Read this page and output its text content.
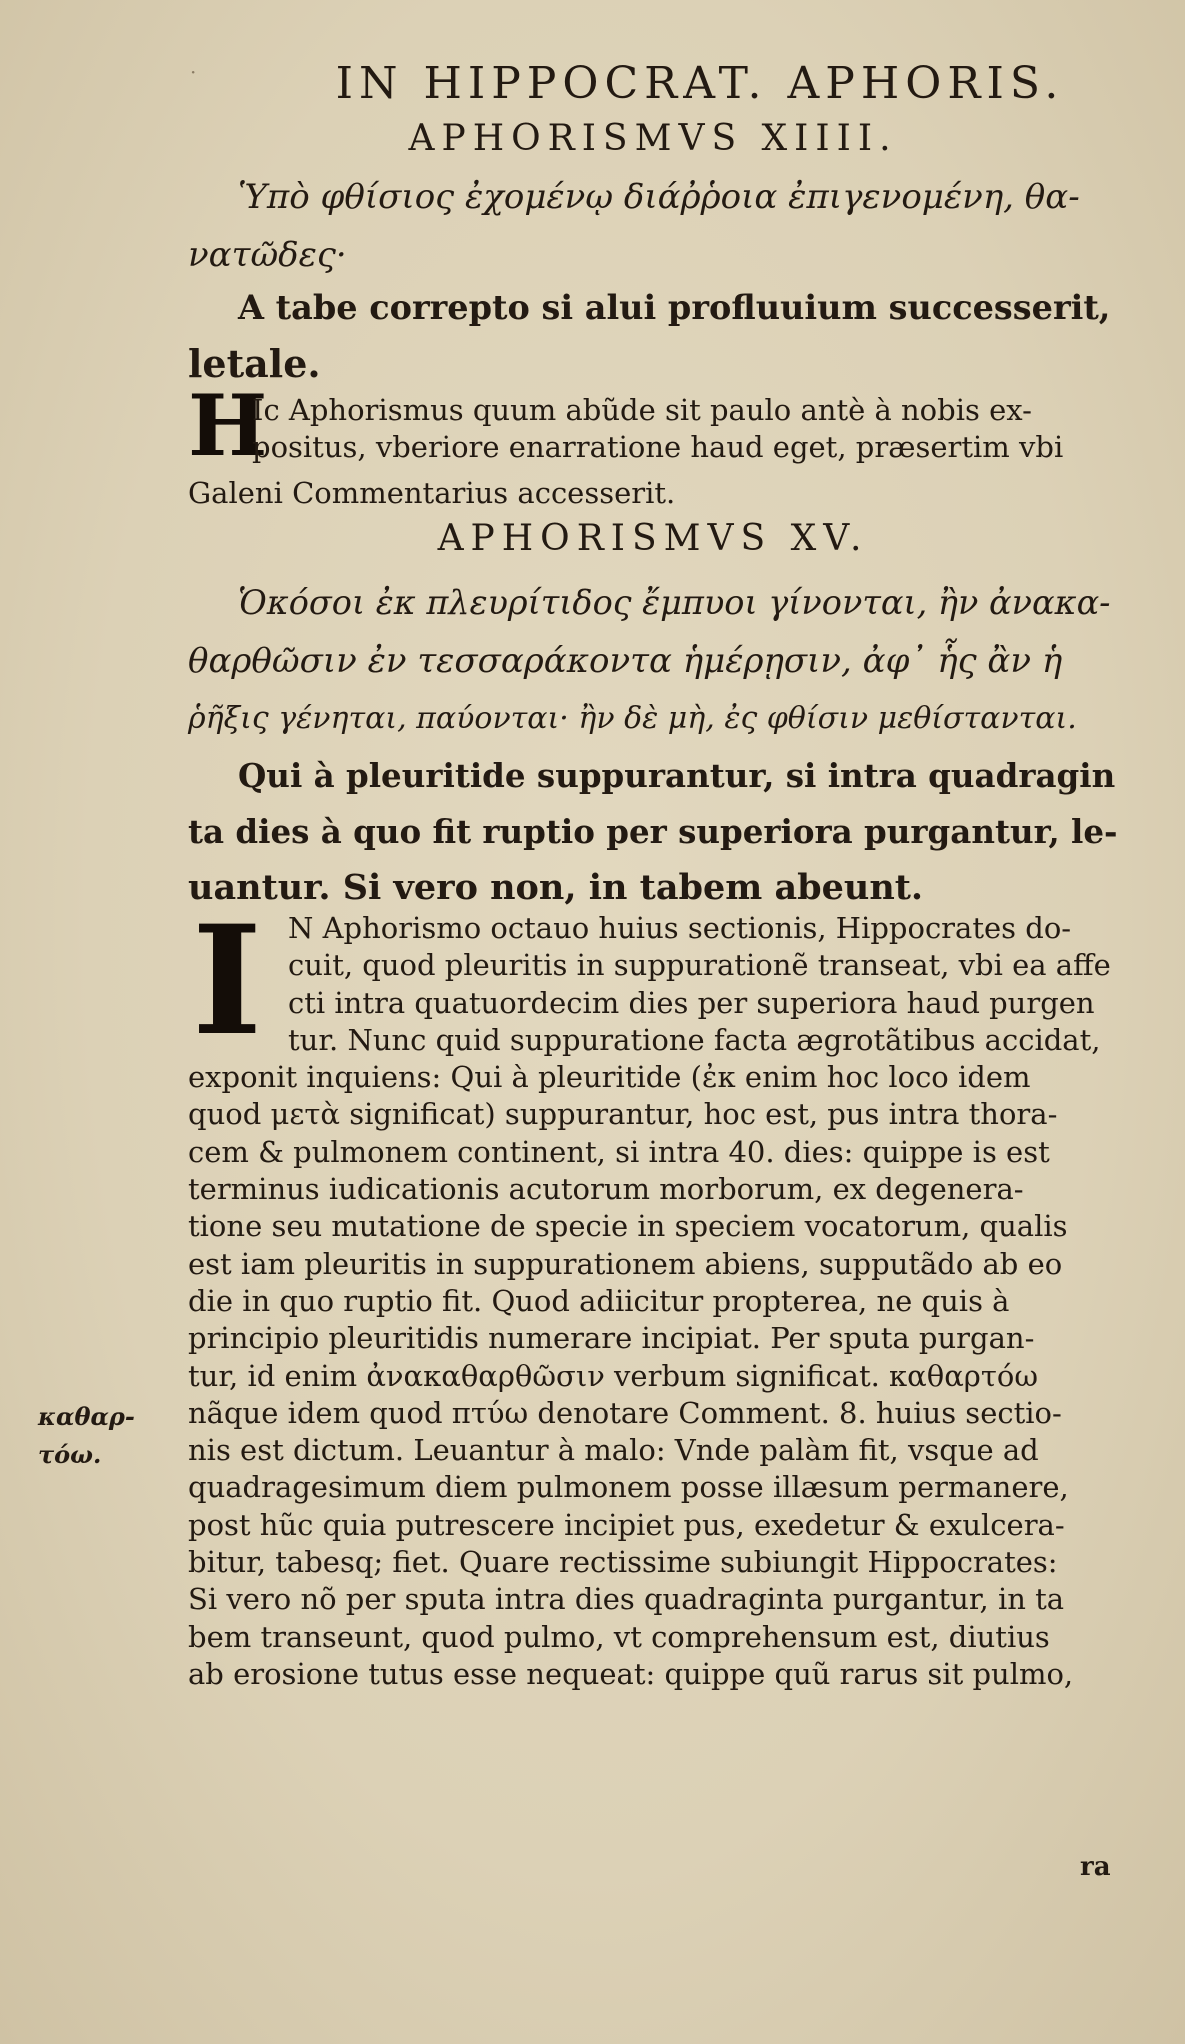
·	IN HIPPOCRAT. APHORIS.
APHORISMVS XIIII.
Ὑπὸ φθίσιος ἐχομένῳ διάῤῥοια ἐπιγενομένη, θα-
νατῶδες·
A tabe correpto si alui profluuium successerit,
letale.
H
Ic Aphorismus quum abũde sit paulo antè à nobis ex-
positus, vberiore enarratione haud eget, præsertim vbi
Galeni Commentarius accesserit.
APHORISMVS XV.
Ὁκόσοι ἐκ πλευρίτιδος ἔμπυοι γίνονται, ἢν ἀνακα-
θαρθῶσιν ἐν τεσσαράκοντα ἡμέρῃσιν, ἀφ᾽ ἧς ἂν ἡ
ῥῆξις γένηται, παύονται· ἢν δὲ μὴ, ἐς φθίσιν μεθίστανται.
Qui à pleuritide suppurantur, si intra quadragin
ta dies à quo fit ruptio per superiora purgantur, le-
uantur. Si vero non, in tabem abeunt.
I N Aphorismo octauo huius sectionis, Hippocrates do-
cuit, quod pleuritis in suppurationẽ transeat, vbi ea affe
cti intra quatuordecim dies per superiora haud purgen
tur. Nunc quid suppuratione facta ægrotãtibus accidat,
exponit inquiens: Qui à pleuritide (ἐκ enim hoc loco idem
quod μετὰ significat) suppurantur, hoc est, pus intra thora-
cem & pulmonem continent, si intra 40. dies: quippe is est
terminus iudicationis acutorum morborum, ex degenera-
tione seu mutatione de specie in speciem vocatorum, qualis
est iam pleuritis in suppurationem abiens, supputãdo ab eo
die in quo ruptio fit. Quod adiicitur propterea, ne quis à
principio pleuritidis numerare incipiat. Per sputa purgan-
tur, id enim ἀνακαθαρθῶσιν verbum significat. καθαρτόω
nãque idem quod πτύω denotare Comment. 8. huius sectio-
nis est dictum. Leuantur à malo: Vnde palàm fit, vsque ad
quadragesimum diem pulmonem posse illæsum permanere,
post hũc quia putrescere incipiet pus, exedetur & exulcera-
bitur, tabesq; fiet. Quare rectissime subiungit Hippocrates:
Si vero nõ per sputa intra dies quadraginta purgantur, in ta
bem transeunt, quod pulmo, vt comprehensum est, diutius
ab erosione tutus esse nequeat: quippe quũ rarus sit pulmo,
καθαρ-
τόω.
ra
